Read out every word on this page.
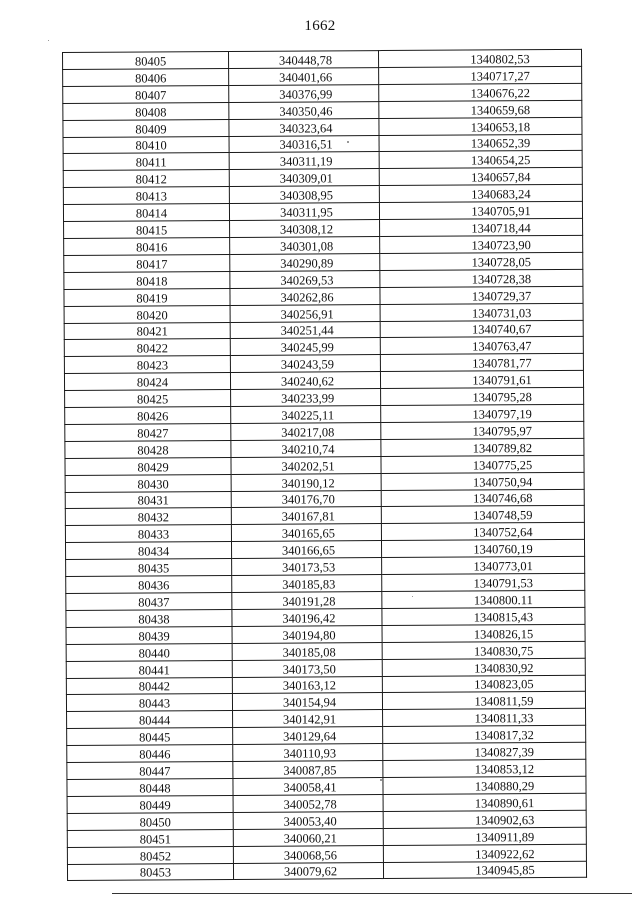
1662
80405	340448,78	1340802,53
80406	340401,66	1340717,27
80407	340376,99	1340676,22
80408	340350,46	1340659,68
80409	340323,64	1340653,18
80410	340316,51	1340652,39
80411	340311,19	1340654,25
80412	340309,01	1340657,84
80413	340308,95	1340683,24
80414	340311,95	1340705,91
80415	340308,12	1340718,44
80416	340301,08	1340723,90
80417	340290,89	1340728,05
80418	340269,53	1340728,38
80419	340262,86	1340729,37
80420	340256,91	1340731,03
80421	340251,44	1340740,67
80422	340245,99	1340763,47
80423	340243,59	1340781,77
80424	340240,62	1340791,61
80425	340233,99	1340795,28
80426	340225,11	1340797,19
80427	340217,08	1340795,97
80428	340210,74	1340789,82
80429	340202,51	1340775,25
80430	340190,12	1340750,94
80431	340176,70	1340746,68
80432	340167,81	1340748,59
80433	340165,65	1340752,64
80434	340166,65	1340760,19
80435	340173,53	1340773,01
80436	340185,83	1340791,53
80437	340191,28	1340800.11
80438	340196,42	1340815,43
80439	340194,80	1340826,15
80440	340185,08	1340830,75
80441	340173,50	1340830,92
80442	340163,12	1340823,05
80443	340154,94	1340811,59
80444	340142,91	1340811,33
80445	340129,64	1340817,32
80446	340110,93	1340827,39
80447	340087,85	1340853,12
80448	340058,41	1340880,29
80449	340052,78	1340890,61
80450	340053,40	1340902,63
80451	340060,21	1340911,89
80452	340068,56	1340922,62
80453	340079,62	1340945,85
